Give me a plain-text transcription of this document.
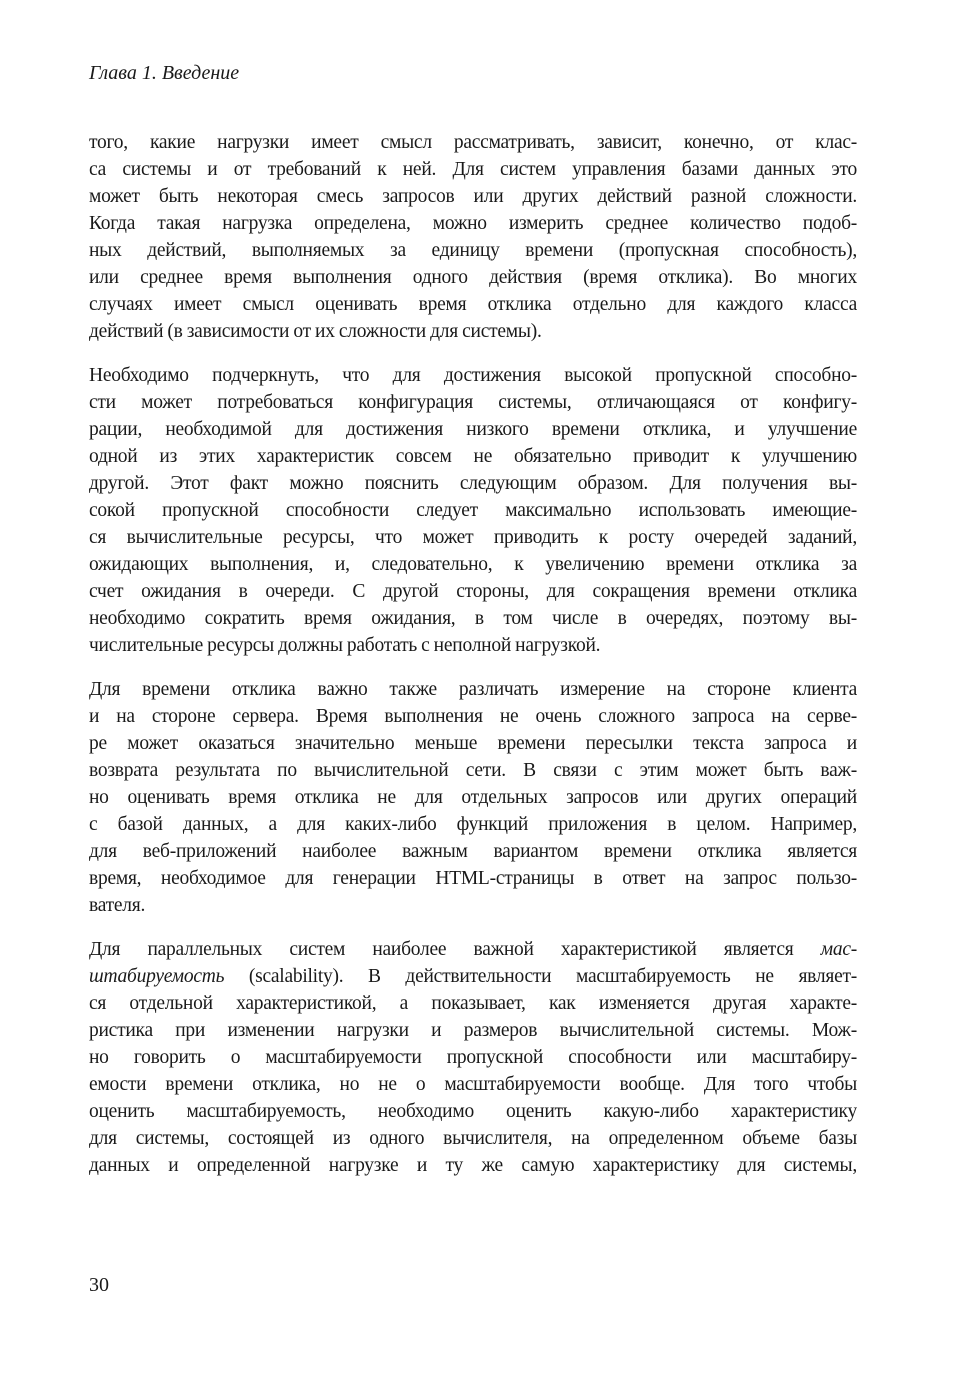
Глава 1. Введение
того, какие нагрузки имеет смысл рассматривать, зависит, конечно, от клас-
са системы и от требований к ней. Для систем управления базами данных это
может быть некоторая смесь запросов или других действий разной сложности.
Когда такая нагрузка определена, можно измерить среднее количество подоб-
ных действий, выполняемых за единицу времени (пропускная способность),
или среднее время выполнения одного действия (время отклика). Во многих
случаях имеет смысл оценивать время отклика отдельно для каждого класса
действий (в зависимости от их сложности для системы).
Необходимо подчеркнуть, что для достижения высокой пропускной способно-
сти может потребоваться конфигурация системы, отличающаяся от конфигу-
рации, необходимой для достижения низкого времени отклика, и улучшение
одной из этих характеристик совсем не обязательно приводит к улучшению
другой. Этот факт можно пояснить следующим образом. Для получения вы-
сокой пропускной способности следует максимально использовать имеющие-
ся вычислительные ресурсы, что может приводить к росту очередей заданий,
ожидающих выполнения, и, следовательно, к увеличению времени отклика за
счет ожидания в очереди. С другой стороны, для сокращения времени отклика
необходимо сократить время ожидания, в том числе в очередях, поэтому вы-
числительные ресурсы должны работать с неполной нагрузкой.
Для времени отклика важно также различать измерение на стороне клиента
и на стороне сервера. Время выполнения не очень сложного запроса на серве-
ре может оказаться значительно меньше времени пересылки текста запроса и
возврата результата по вычислительной сети. В связи с этим может быть важ-
но оценивать время отклика не для отдельных запросов или других операций
с базой данных, а для каких-либо функций приложения в целом. Например,
для веб-приложений наиболее важным вариантом времени отклика является
время, необходимое для генерации HTML-страницы в ответ на запрос пользо-
вателя.
Для параллельных систем наиболее важной характеристикой является мас-
штабируемость (scalability). В действительности масштабируемость не являет-
ся отдельной характеристикой, а показывает, как изменяется другая характе-
ристика при изменении нагрузки и размеров вычислительной системы. Мож-
но говорить о масштабируемости пропускной способности или масштабиру-
емости времени отклика, но не о масштабируемости вообще. Для того чтобы
оценить масштабируемость, необходимо оценить какую-либо характеристику
для системы, состоящей из одного вычислителя, на определенном объеме базы
данных и определенной нагрузке и ту же самую характеристику для системы,
30
